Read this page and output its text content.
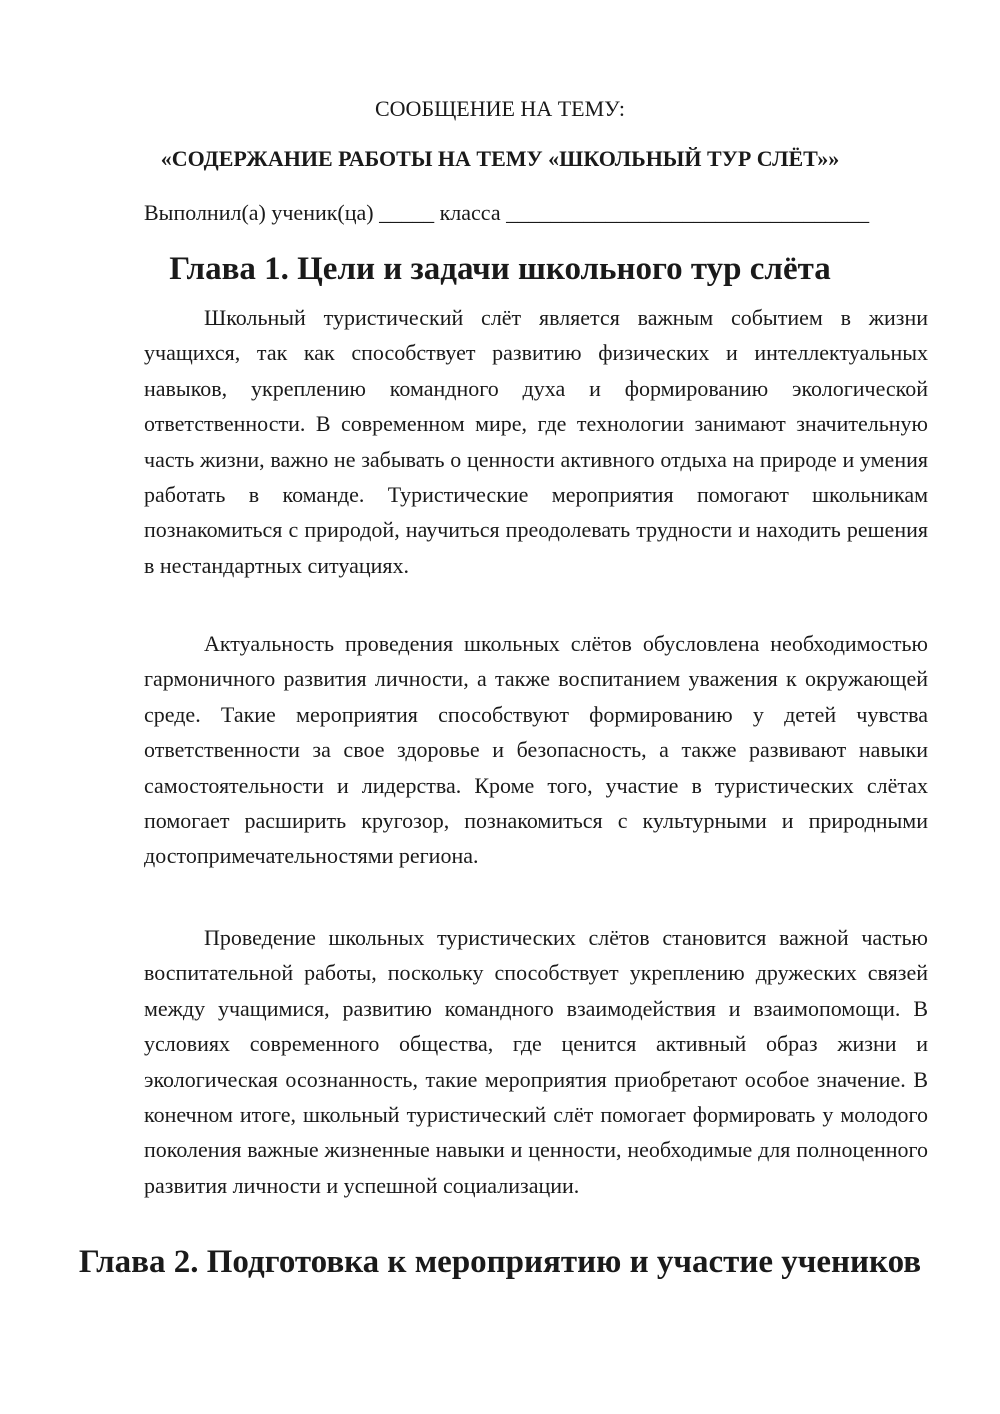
СООБЩЕНИЕ НА ТЕМУ:

«СОДЕРЖАНИЕ РАБОТЫ НА ТЕМУ «ШКОЛЬНЫЙ ТУР СЛЁТ»»

Выполнил(а) ученик(ца) _____ класса _________________________________

Глава 1. Цели и задачи школьного тур слёта

Школьный туристический слёт является важным событием в жизни учащихся, так как способствует развитию физических и интеллектуальных навыков, укреплению командного духа и формированию экологической ответственности. В современном мире, где технологии занимают значительную часть жизни, важно не забывать о ценности активного отдыха на природе и умения работать в команде. Туристические мероприятия помогают школьникам познакомиться с природой, научиться преодолевать трудности и находить решения в нестандартных ситуациях.

Актуальность проведения школьных слётов обусловлена необходимостью гармоничного развития личности, а также воспитанием уважения к окружающей среде. Такие мероприятия способствуют формированию у детей чувства ответственности за свое здоровье и безопасность, а также развивают навыки самостоятельности и лидерства. Кроме того, участие в туристических слётах помогает расширить кругозор, познакомиться с культурными и природными достопримечательностями региона.

Проведение школьных туристических слётов становится важной частью воспитательной работы, поскольку способствует укреплению дружеских связей между учащимися, развитию командного взаимодействия и взаимопомощи. В условиях современного общества, где ценится активный образ жизни и экологическая осознанность, такие мероприятия приобретают особое значение. В конечном итоге, школьный туристический слёт помогает формировать у молодого поколения важные жизненные навыки и ценности, необходимые для полноценного развития личности и успешной социализации.

Глава 2. Подготовка к мероприятию и участие учеников
